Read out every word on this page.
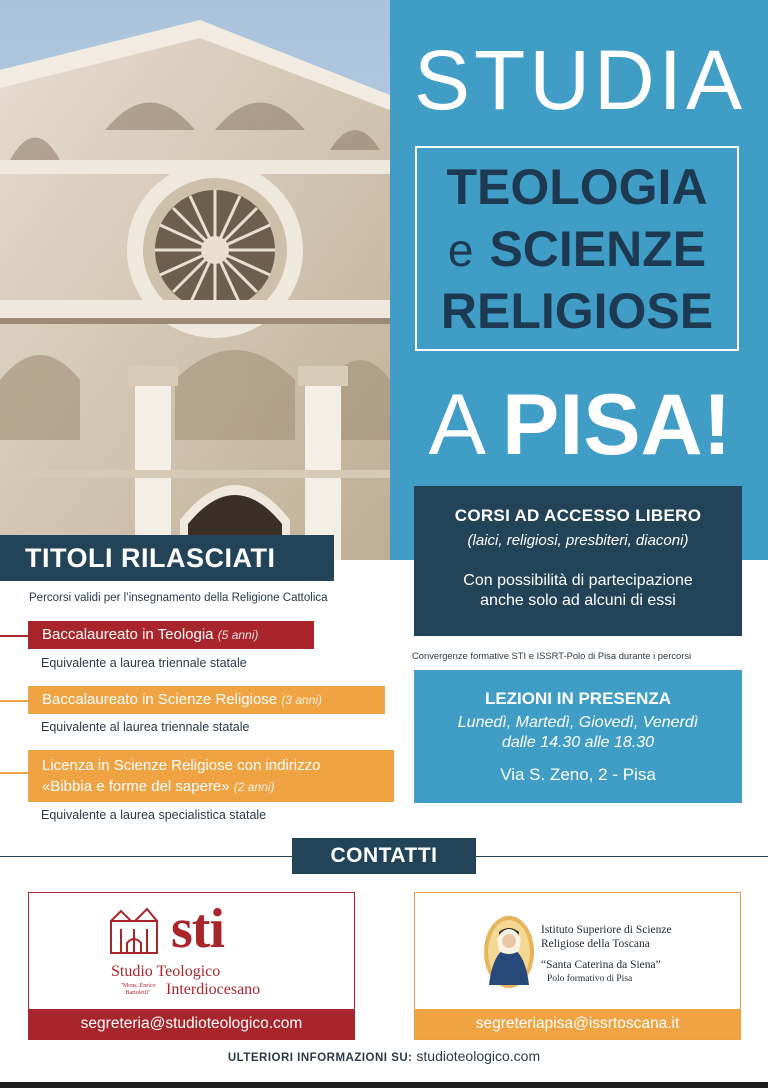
STUDIA
TEOLOGIA
e SCIENZE
RELIGIOSE
A PISA!
CORSI AD ACCESSO LIBERO
(laici, religiosi, presbiteri, diaconi)
Con possibilità di partecipazione
anche solo ad alcuni di essi
Convergenze formative STI e ISSRT-Polo di Pisa durante i percorsi
LEZIONI IN PRESENZA
Lunedì, Martedì, Giovedì, Venerdì
dalle 14.30 alle 18.30
Via S. Zeno, 2 - Pisa
TITOLI RILASCIATI
Percorsi validi per l’insegnamento della Religione Cattolica
Baccalaureato in Teologia (5 anni)
Equivalente a laurea triennale statale
Baccalaureato in Scienze Religiose (3 anni)
Equivalente al laurea triennale statale
Licenza in Scienze Religiose con indirizzo
«Bibbia e forme del sapere» (2 anni)
Equivalente a laurea specialistica statale
CONTATTI
sti
Studio Teologico
"Mons. Enrico
Bartoletti" Interdiocesano
segreteria@studioteologico.com
Istituto Superiore di Scienze
Religiose della Toscana
“Santa Caterina da Siena”
Polo formativo di Pisa
segreteriapisa@issrtoscana.it
ULTERIORI INFORMAZIONI SU: studioteologico.com
